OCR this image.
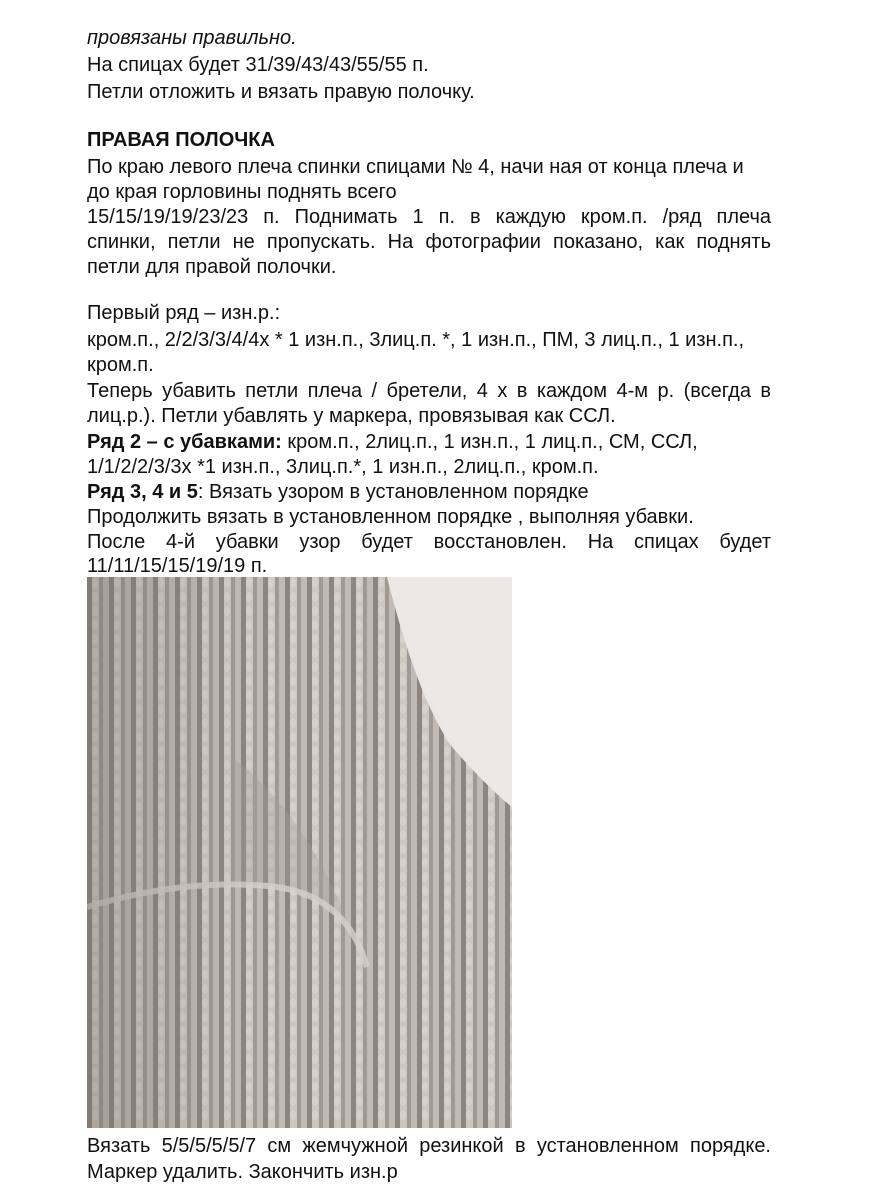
провязаны правильно.
На спицах будет 31/39/43/43/55/55 п.
Петли отложить и вязать правую полочку.
ПРАВАЯ ПОЛОЧКА
По краю левого плеча спинки спицами № 4, начи ная от конца плеча и
до края горловины поднять всего
15/15/19/19/23/23 п. Поднимать 1 п. в каждую кром.п. /ряд плеча
спинки, петли не пропускать. На фотографии показано, как поднять
петли для правой полочки.
Первый ряд – изн.р.:
кром.п., 2/2/3/3/4/4х * 1 изн.п., 3лиц.п. *, 1 изн.п., ПМ, 3 лиц.п., 1 изн.п.,
кром.п.
Теперь убавить петли плеча / бретели, 4 х в каждом 4-м р. (всегда в
лиц.р.). Петли убавлять у маркера, провязывая как ССЛ.
Ряд 2 – с убавками: кром.п., 2лиц.п., 1 изн.п., 1 лиц.п., СМ, ССЛ,
1/1/2/2/3/3х *1 изн.п., 3лиц.п.*, 1 изн.п., 2лиц.п., кром.п.
Ряд 3, 4 и 5: Вязать узором в установленном порядке
Продолжить вязать в установленном порядке , выполняя убавки.
После 4-й убавки узор будет восстановлен. На спицах будет
11/11/15/15/19/19 п.
Вязать 5/5/5/5/5/7 см жемчужной резинкой в установленном порядке.
Маркер удалить. Закончить изн.р
